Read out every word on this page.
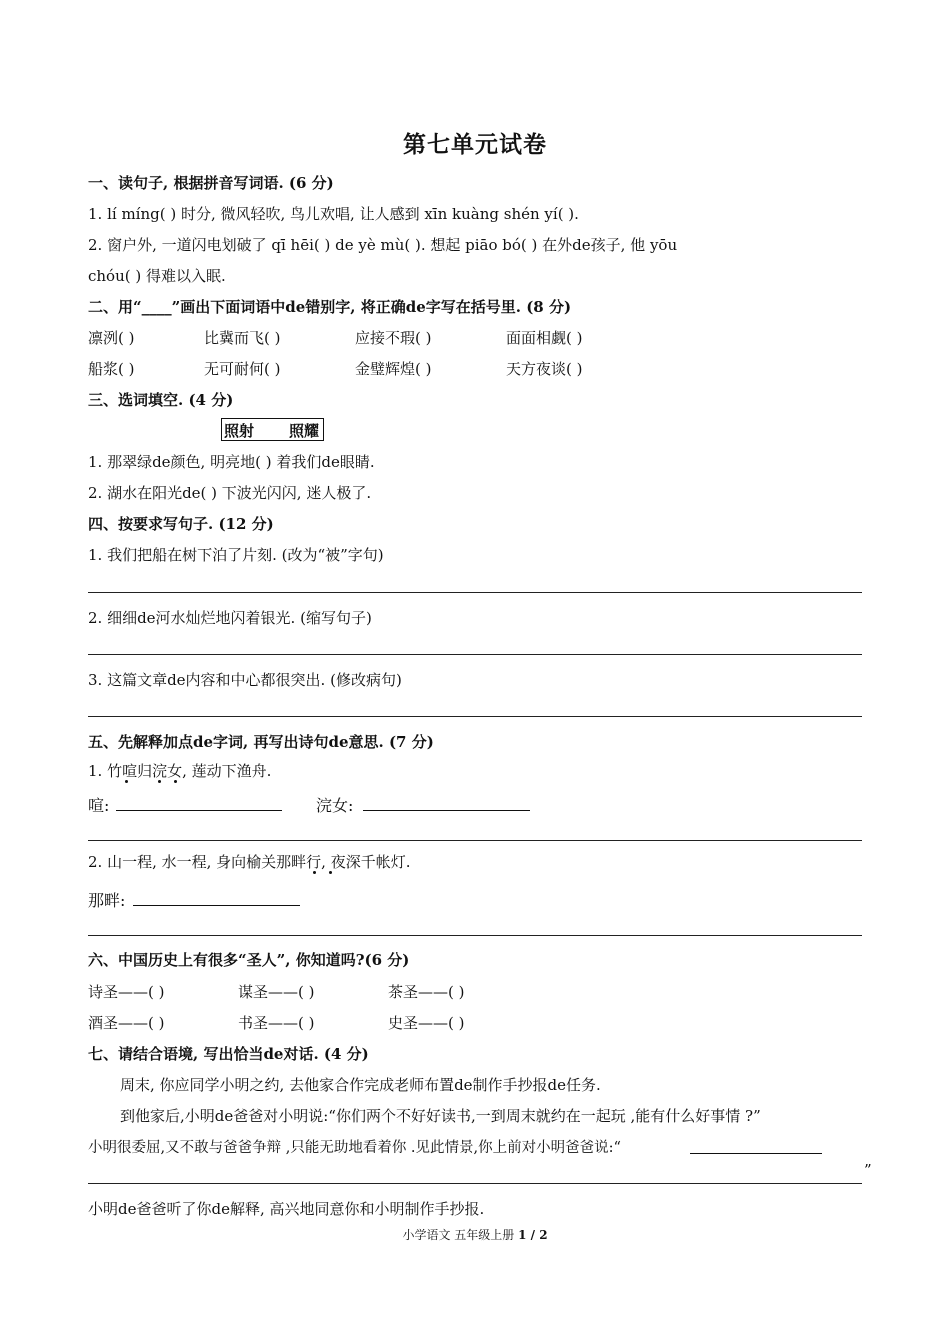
第七单元试卷
一、读句子, 根据拼音写词语. (6 分)
1. lí míng( ) 时分, 微风轻吹, 鸟儿欢唱, 让人感到 xīn kuàng shén yí( ).
2. 窗户外, 一道闪电划破了 qī hēi( ) de yè mù( ). 想起 piāo bó( ) 在外de孩子, 他 yōu
chóu( ) 得难以入眠.
二、用“____”画出下面词语中de错别字, 将正确de字写在括号里. (8 分)
凛洌( )	比冀而飞( )	应接不瑕( )	面面相觑( )
船浆( )	无可耐何( )	金璧辉煌( )	天方夜谈( )
三、选词填空. (4 分)
照射 照耀
1. 那翠绿de颜色, 明亮地( ) 着我们de眼睛.
2. 湖水在阳光de( ) 下波光闪闪, 迷人极了.
四、按要求写句子. (12 分)
1. 我们把船在树下泊了片刻. (改为“被”字句)
2. 细细de河水灿烂地闪着银光. (缩写句子)
3. 这篇文章de内容和中心都很突出. (修改病句)
五、先解释加点de字词, 再写出诗句de意思. (7 分)
1. 竹喧归浣女, 莲动下渔舟.
喧:	浣女:
2. 山一程, 水一程, 身向榆关那畔行, 夜深千帐灯.
那畔:
六、中国历史上有很多“圣人”, 你知道吗?(6 分)
诗圣——( )	谋圣——( )	茶圣——( )
酒圣——( )	书圣——( )	史圣——( )
七、请结合语境, 写出恰当de对话. (4 分)
周末, 你应同学小明之约, 去他家合作完成老师布置de制作手抄报de任务.
到他家后,小明de爸爸对小明说:“你们两个不好好读书,一到周末就约在一起玩 ,能有什么好事情 ?”
小明很委屈,又不敢与爸爸争辩 ,只能无助地看着你 .见此情景,你上前对小明爸爸说:“
”
小明de爸爸听了你de解释, 高兴地同意你和小明制作手抄报.
小学语文 五年级上册 1 / 2
